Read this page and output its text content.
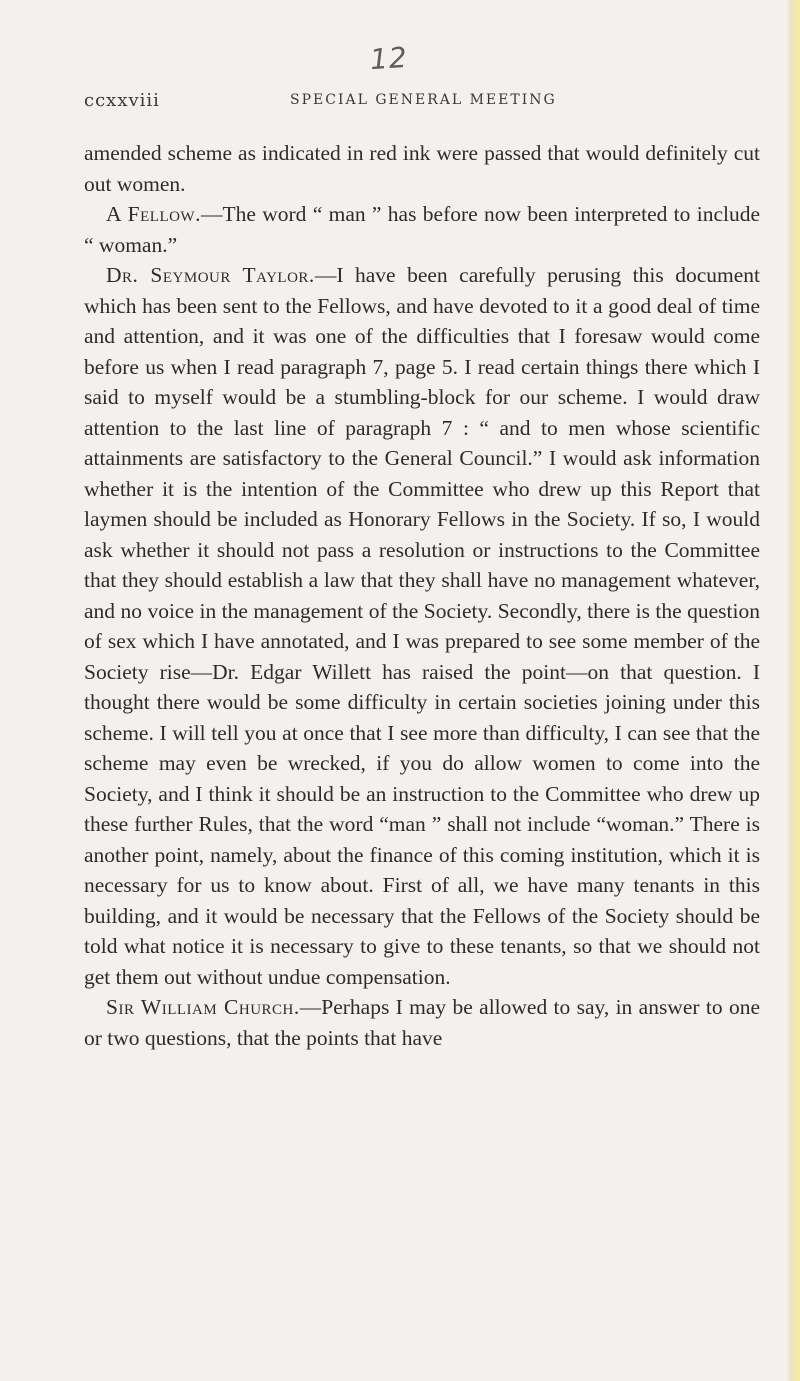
12
ccxxviii	SPECIAL GENERAL MEETING

amended scheme as indicated in red ink were passed that would definitely cut out women.

A Fellow.—The word “ man ” has before now been interpreted to include “ woman.”

Dr. Seymour Taylor.—I have been carefully perusing this document which has been sent to the Fellows, and have devoted to it a good deal of time and attention, and it was one of the difficulties that I foresaw would come before us when I read paragraph 7, page 5. I read certain things there which I said to myself would be a stumbling-block for our scheme. I would draw attention to the last line of paragraph 7 : “ and to men whose scientific attainments are satisfactory to the General Council.” I would ask information whether it is the intention of the Committee who drew up this Report that laymen should be included as Honorary Fellows in the Society. If so, I would ask whether it should not pass a resolution or instructions to the Committee that they should establish a law that they shall have no management whatever, and no voice in the management of the Society. Secondly, there is the question of sex which I have annotated, and I was prepared to see some member of the Society rise—Dr. Edgar Willett has raised the point—on that question. I thought there would be some difficulty in certain societies joining under this scheme. I will tell you at once that I see more than difficulty, I can see that the scheme may even be wrecked, if you do allow women to come into the Society, and I think it should be an instruction to the Committee who drew up these further Rules, that the word “man ” shall not include “woman.” There is another point, namely, about the finance of this coming institution, which it is necessary for us to know about. First of all, we have many tenants in this building, and it would be necessary that the Fellows of the Society should be told what notice it is necessary to give to these tenants, so that we should not get them out without undue compensation.

Sir William Church.—Perhaps I may be allowed to say, in answer to one or two questions, that the points that have
